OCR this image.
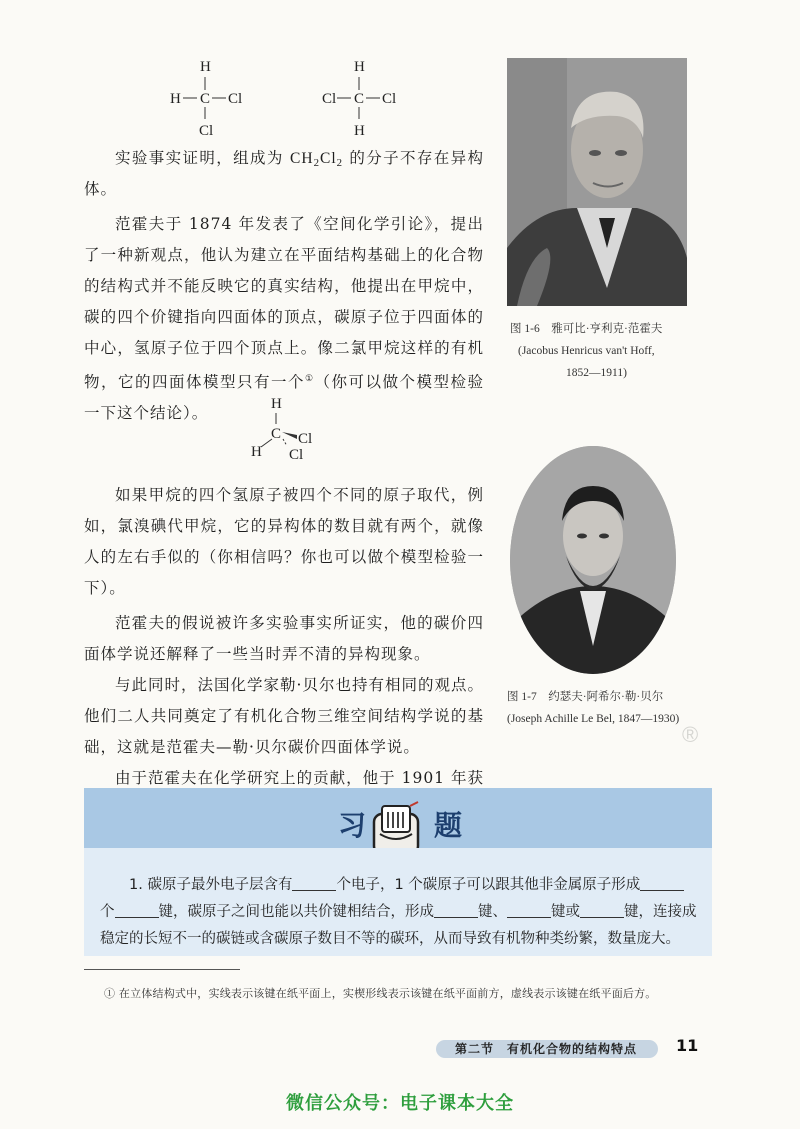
H
H C Cl
Cl
H
Cl C Cl
H

实验事实证明，组成为 $CH_2Cl_2$ 的分子不存在异构体。

范霍夫于 1874 年发表了《空间化学引论》，提出了一种新观点，他认为建立在平面结构基础上的化合物的结构式并不能反映它的真实结构，他提出在甲烷中，碳的四个价键指向四面体的顶点，碳原子位于四面体的中心，氢原子位于四个顶点上。像二氯甲烷这样的有机物，它的四面体模型只有一个①（你可以做个模型检验一下这个结论）。

H
C
H
Cl
Cl

如果甲烷的四个氢原子被四个不同的原子取代，例如，氯溴碘代甲烷，它的异构体的数目就有两个，就像人的左右手似的（你相信吗？你也可以做个模型检验一下）。

范霍夫的假说被许多实验事实所证实，他的碳价四面体学说还解释了一些当时弄不清的异构现象。

与此同时，法国化学家勒·贝尔也持有相同的观点。他们二人共同奠定了有机化合物三维空间结构学说的基础，这就是范霍夫—勒·贝尔碳价四面体学说。

由于范霍夫在化学研究上的贡献，他于 1901 年获

图 1-6　雅可比·亨利克·范霍夫
(Jacobus Henricus van't Hoff,
1852—1911)
图 1-7　约瑟夫·阿希尔·勒·贝尔
(Joseph Achille Le Bel, 1847—1930)
®
习 题

1. 碳原子最外电子层含有	个电子，1 个碳原子可以跟其他非金属原子形成个	键，碳原子之间也能以共价键相结合，形成	键、	键或	键，连接成稳定的长短不一的碳链或含碳原子数目不等的碳环，从而导致有机物种类纷繁，数量庞大。

① 在立体结构式中，实线表示该键在纸平面上，实楔形线表示该键在纸平面前方，虚线表示该键在纸平面后方。
第二节　有机化合物的结构特点 11
微信公众号：电子课本大全
